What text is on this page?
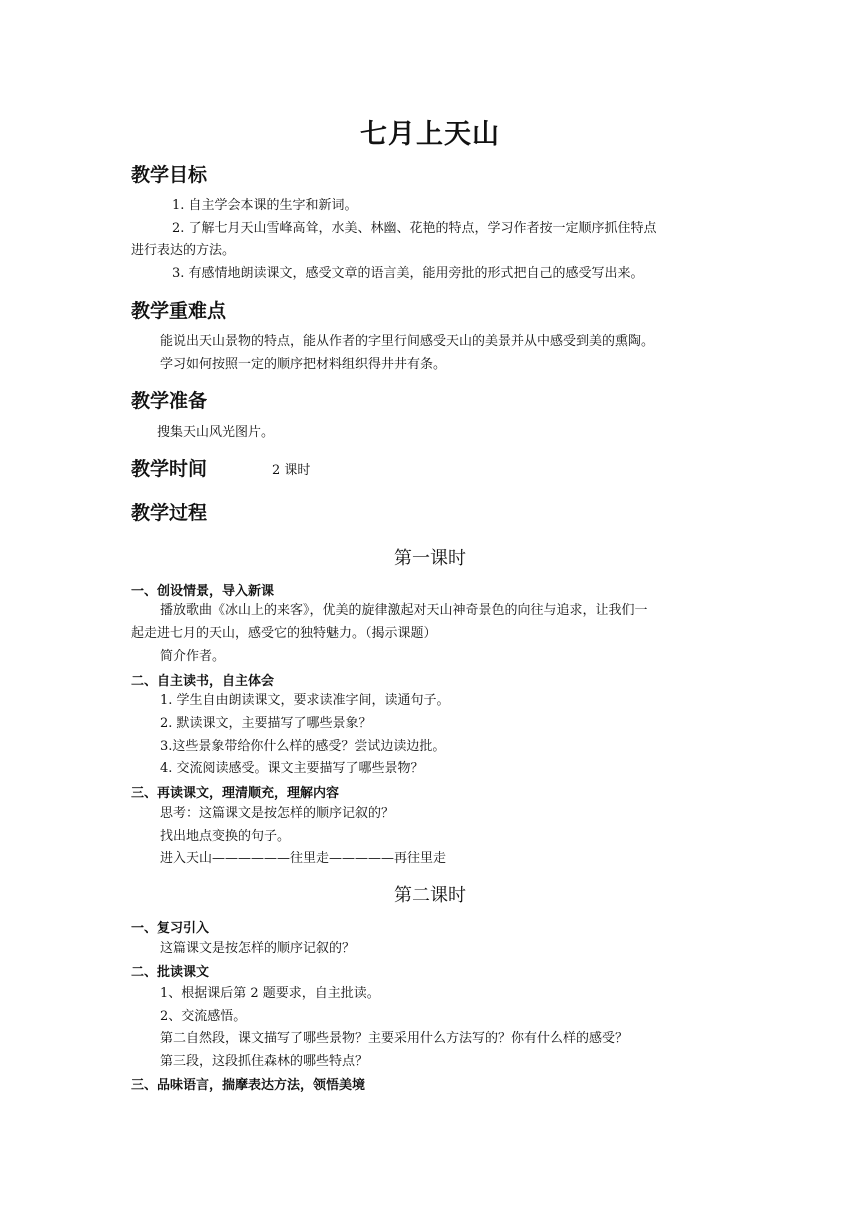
七月上天山
教学目标
1. 自主学会本课的生字和新词。
2. 了解七月天山雪峰高耸，水美、林幽、花艳的特点，学习作者按一定顺序抓住特点
进行表达的方法。
3. 有感情地朗读课文，感受文章的语言美，能用旁批的形式把自己的感受写出来。
教学重难点
能说出天山景物的特点，能从作者的字里行间感受天山的美景并从中感受到美的熏陶。
学习如何按照一定的顺序把材料组织得井井有条。
教学准备
搜集天山风光图片。
教学时间	2 课时
教学过程
第一课时
一、创设情景，导入新课
播放歌曲《冰山上的来客》，优美的旋律激起对天山神奇景色的向往与追求，让我们一
起走进七月的天山，感受它的独特魅力。（揭示课题）
简介作者。
二、自主读书，自主体会
1. 学生自由朗读课文，要求读准字间，读通句子。
2. 默读课文，主要描写了哪些景象？
3.这些景象带给你什么样的感受？尝试边读边批。
4. 交流阅读感受。课文主要描写了哪些景物？
三、再读课文，理清顺充，理解内容
思考：这篇课文是按怎样的顺序记叙的？
找出地点变换的句子。
进入天山——————往里走—————再往里走
第二课时
一、复习引入
这篇课文是按怎样的顺序记叙的？
二、批读课文
1、根据课后第 2 题要求，自主批读。
2、交流感悟。
第二自然段，课文描写了哪些景物？主要采用什么方法写的？你有什么样的感受？
第三段，这段抓住森林的哪些特点？
三、品味语言，揣摩表达方法，领悟美境
